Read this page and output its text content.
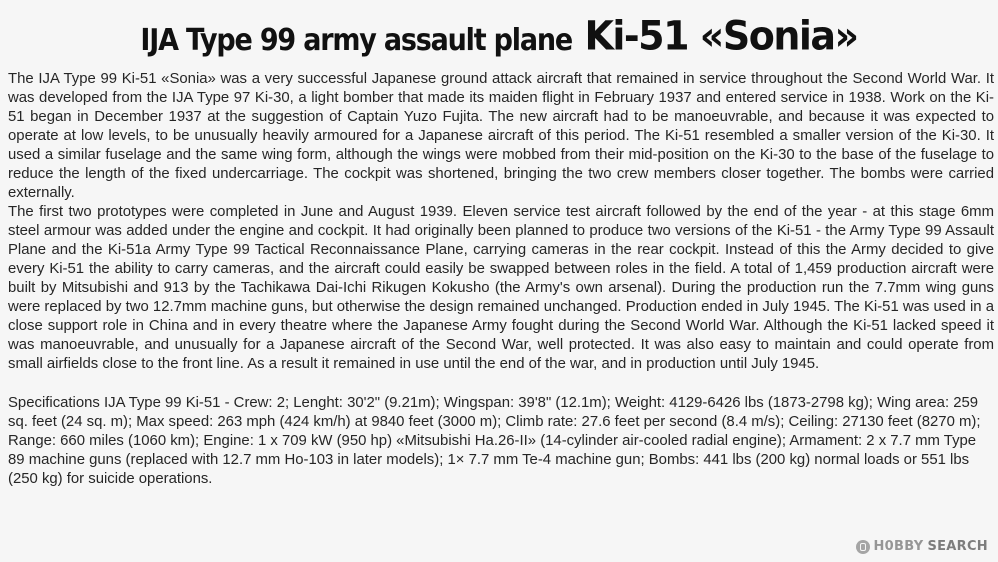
IJA Type 99 army assault plane Ki-51 «Sonia»

The IJA Type 99 Ki-51 «Sonia» was a very successful Japanese ground attack aircraft that remained in service throughout the Second World War. It was developed from the IJA Type 97 Ki-30, a light bomber that made its maiden flight in February 1937 and entered service in 1938. Work on the Ki-51 began in December 1937 at the suggestion of Captain Yuzo Fujita. The new aircraft had to be manoeuvrable, and because it was expected to operate at low levels, to be unusually heavily armoured for a Japanese aircraft of this period. The Ki-51 resembled a smaller version of the Ki-30. It used a similar fuselage and the same wing form, although the wings were mobbed from their mid-position on the Ki-30 to the base of the fuselage to reduce the length of the fixed undercarriage. The cockpit was shortened, bringing the two crew members closer together. The bombs were carried externally.

The first two prototypes were completed in June and August 1939. Eleven service test aircraft followed by the end of the year - at this stage 6mm steel armour was added under the engine and cockpit. It had originally been planned to produce two versions of the Ki-51 - the Army Type 99 Assault Plane and the Ki-51a Army Type 99 Tactical Reconnaissance Plane, carrying cameras in the rear cockpit. Instead of this the Army decided to give every Ki-51 the ability to carry cameras, and the aircraft could easily be swapped between roles in the field. A total of 1,459 production aircraft were built by Mitsubishi and 913 by the Tachikawa Dai-Ichi Rikugen Kokusho (the Army's own arsenal). During the production run the 7.7mm wing guns were replaced by two 12.7mm machine guns, but otherwise the design remained unchanged. Production ended in July 1945. The Ki-51 was used in a close support role in China and in every theatre where the Japanese Army fought during the Second World War. Although the Ki-51 lacked speed it was manoeuvrable, and unusually for a Japanese aircraft of the Second War, well protected. It was also easy to maintain and could operate from small airfields close to the front line. As a result it remained in use until the end of the war, and in production until July 1945.

Specifications IJA Type 99 Ki-51 - Crew: 2; Lenght: 30'2" (9.21m); Wingspan: 39'8" (12.1m); Weight: 4129-6426 lbs (1873-2798 kg); Wing area: 259 sq. feet (24 sq. m); Max speed: 263 mph (424 km/h) at 9840 feet (3000 m); Climb rate: 27.6 feet per second (8.4 m/s); Ceiling: 27130 feet (8270 m); Range: 660 miles (1060 km); Engine: 1 x 709 kW (950 hp) «Mitsubishi Ha.26-II» (14-cylinder air-cooled radial engine); Armament: 2 x 7.7 mm Type 89 machine guns (replaced with 12.7 mm Ho-103 in later models); 1× 7.7 mm Te-4 machine gun; Bombs: 441 lbs (200 kg) normal loads or 551 lbs (250 kg) for suicide operations.

H0BBY SEARCH
